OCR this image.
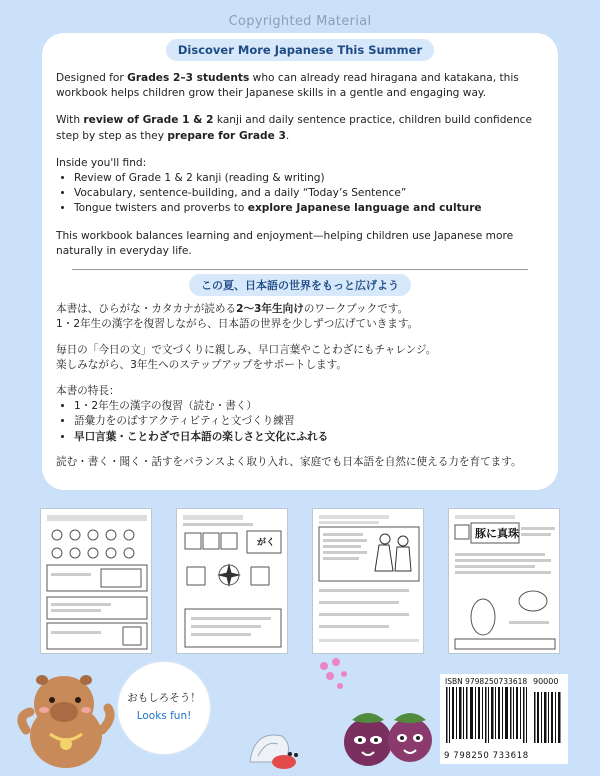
Copyrighted Material
Discover More Japanese This Summer

Designed for Grades 2–3 students who can already read hiragana and katakana, this workbook helps children grow their Japanese skills in a gentle and engaging way.

With review of Grade 1 & 2 kanji and daily sentence practice, children build confidence step by step as they prepare for Grade 3.

Inside you'll find:
• Review of Grade 1 & 2 kanji (reading & writing)
• Vocabulary, sentence-building, and a daily “Today’s Sentence”
• Tongue twisters and proverbs to explore Japanese language and culture

This workbook balances learning and enjoyment—helping children use Japanese more naturally in everyday life.

この夏、日本語の世界をもっと広げよう

本書は、ひらがな・カタカナが読める2〜3年生向けのワークブックです。
1・2年生の漢字を復習しながら、日本語の世界を少しずつ広げていきます。

毎日の「今日の文」で文づくりに親しみ、早口言葉やことわざにもチャレンジ。
楽しみながら、3年生へのステップアップをサポートします。

本書の特長：
• 1・2年生の漢字の復習（読む・書く）
• 語彙力をのばすアクティビティと文づくり練習
• 早口言葉・ことわざで日本語の楽しさと文化にふれる

読む・書く・聞く・話すをバランスよく取り入れ、家庭でも日本語を自然に使える力を育てます。

がく
豚に真珠
おもしろそう！
Looks fun!
ISBN 9798250733618 90000
9 798250 733618
